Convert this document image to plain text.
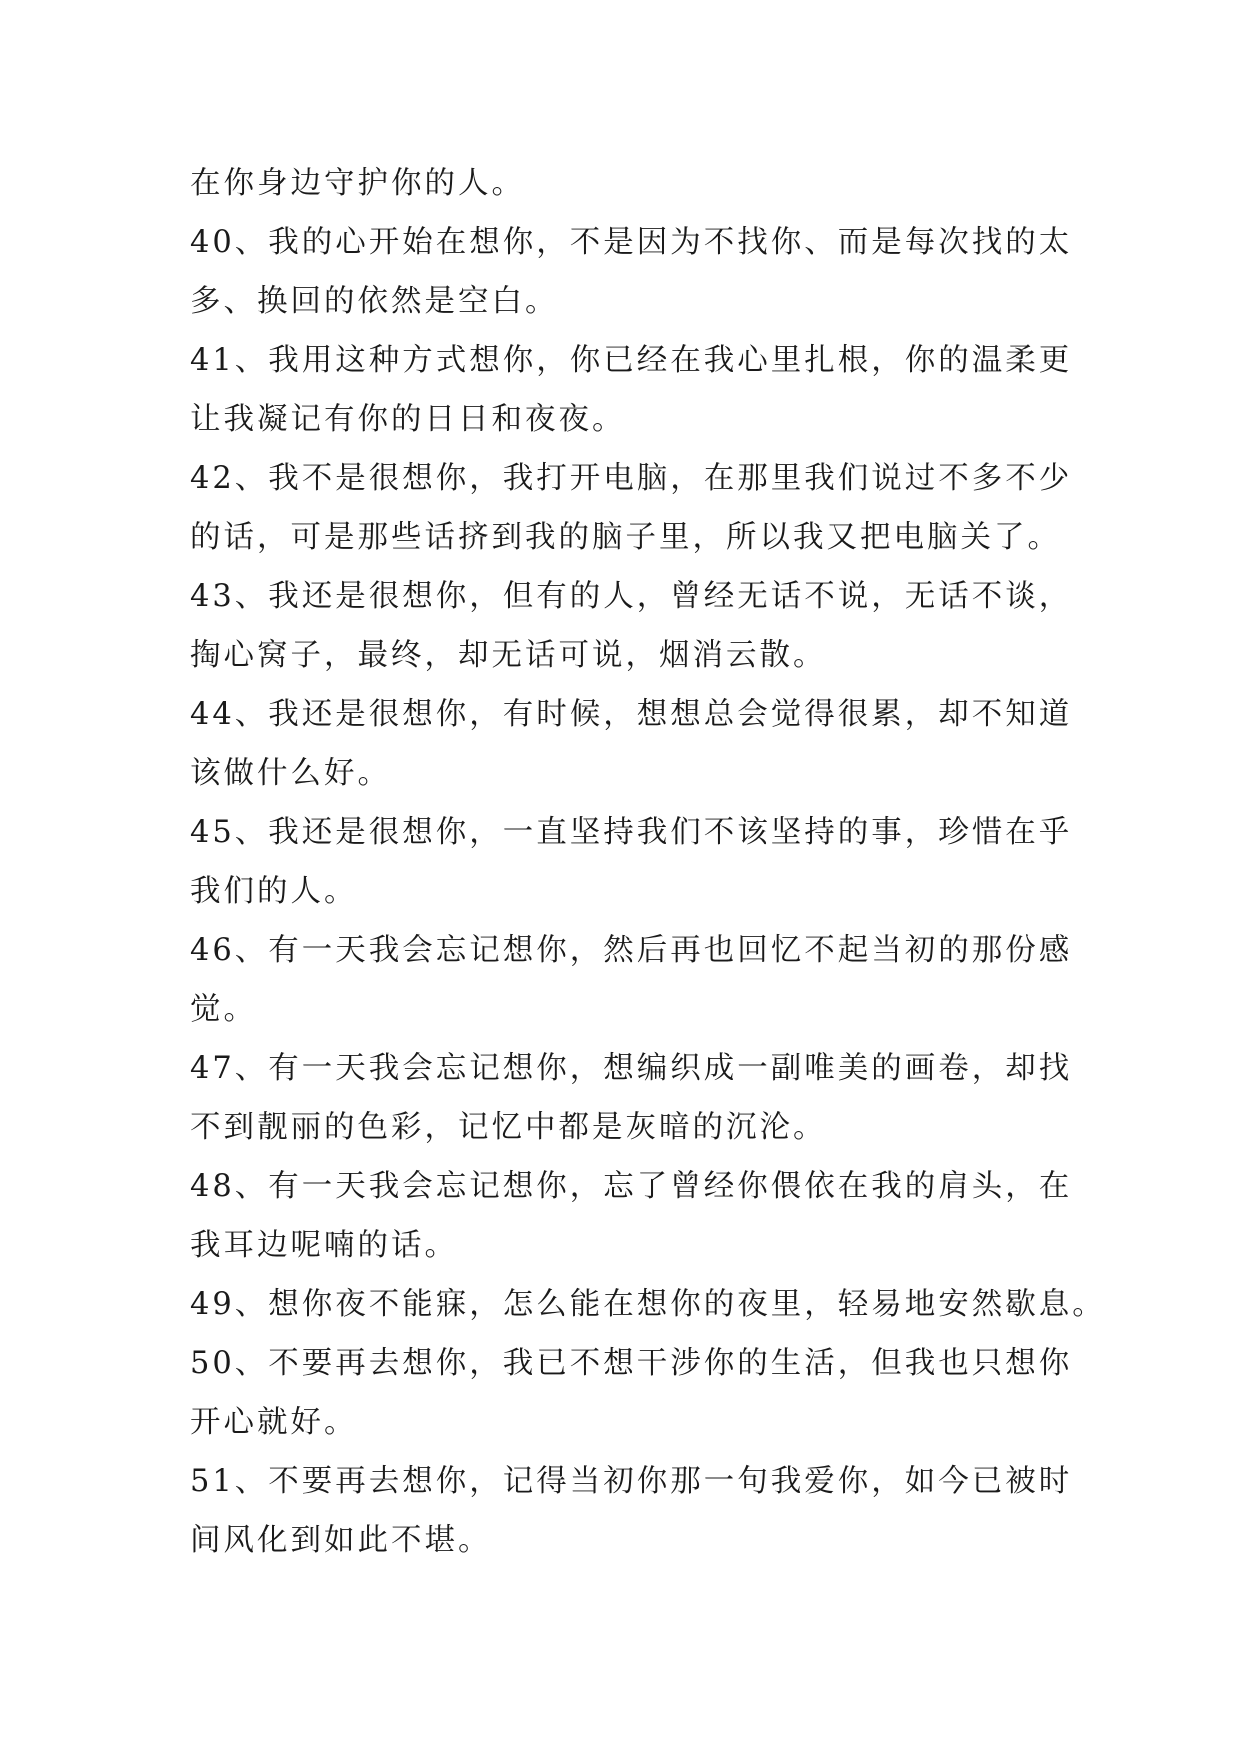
在你身边守护你的人。
40、我的心开始在想你，不是因为不找你、而是每次找的太
多、换回的依然是空白。
41、我用这种方式想你，你已经在我心里扎根，你的温柔更
让我凝记有你的日日和夜夜。
42、我不是很想你，我打开电脑，在那里我们说过不多不少
的话，可是那些话挤到我的脑子里，所以我又把电脑关了。
43、我还是很想你，但有的人，曾经无话不说，无话不谈，
掏心窝子，最终，却无话可说，烟消云散。
44、我还是很想你，有时候，想想总会觉得很累，却不知道
该做什么好。
45、我还是很想你，一直坚持我们不该坚持的事，珍惜在乎
我们的人。
46、有一天我会忘记想你，然后再也回忆不起当初的那份感
觉。
47、有一天我会忘记想你，想编织成一副唯美的画卷，却找
不到靓丽的色彩，记忆中都是灰暗的沉沦。
48、有一天我会忘记想你，忘了曾经你偎依在我的肩头，在
我耳边呢喃的话。
49、想你夜不能寐，怎么能在想你的夜里，轻易地安然歇息。
50、不要再去想你，我已不想干涉你的生活，但我也只想你
开心就好。
51、不要再去想你，记得当初你那一句我爱你，如今已被时
间风化到如此不堪。
